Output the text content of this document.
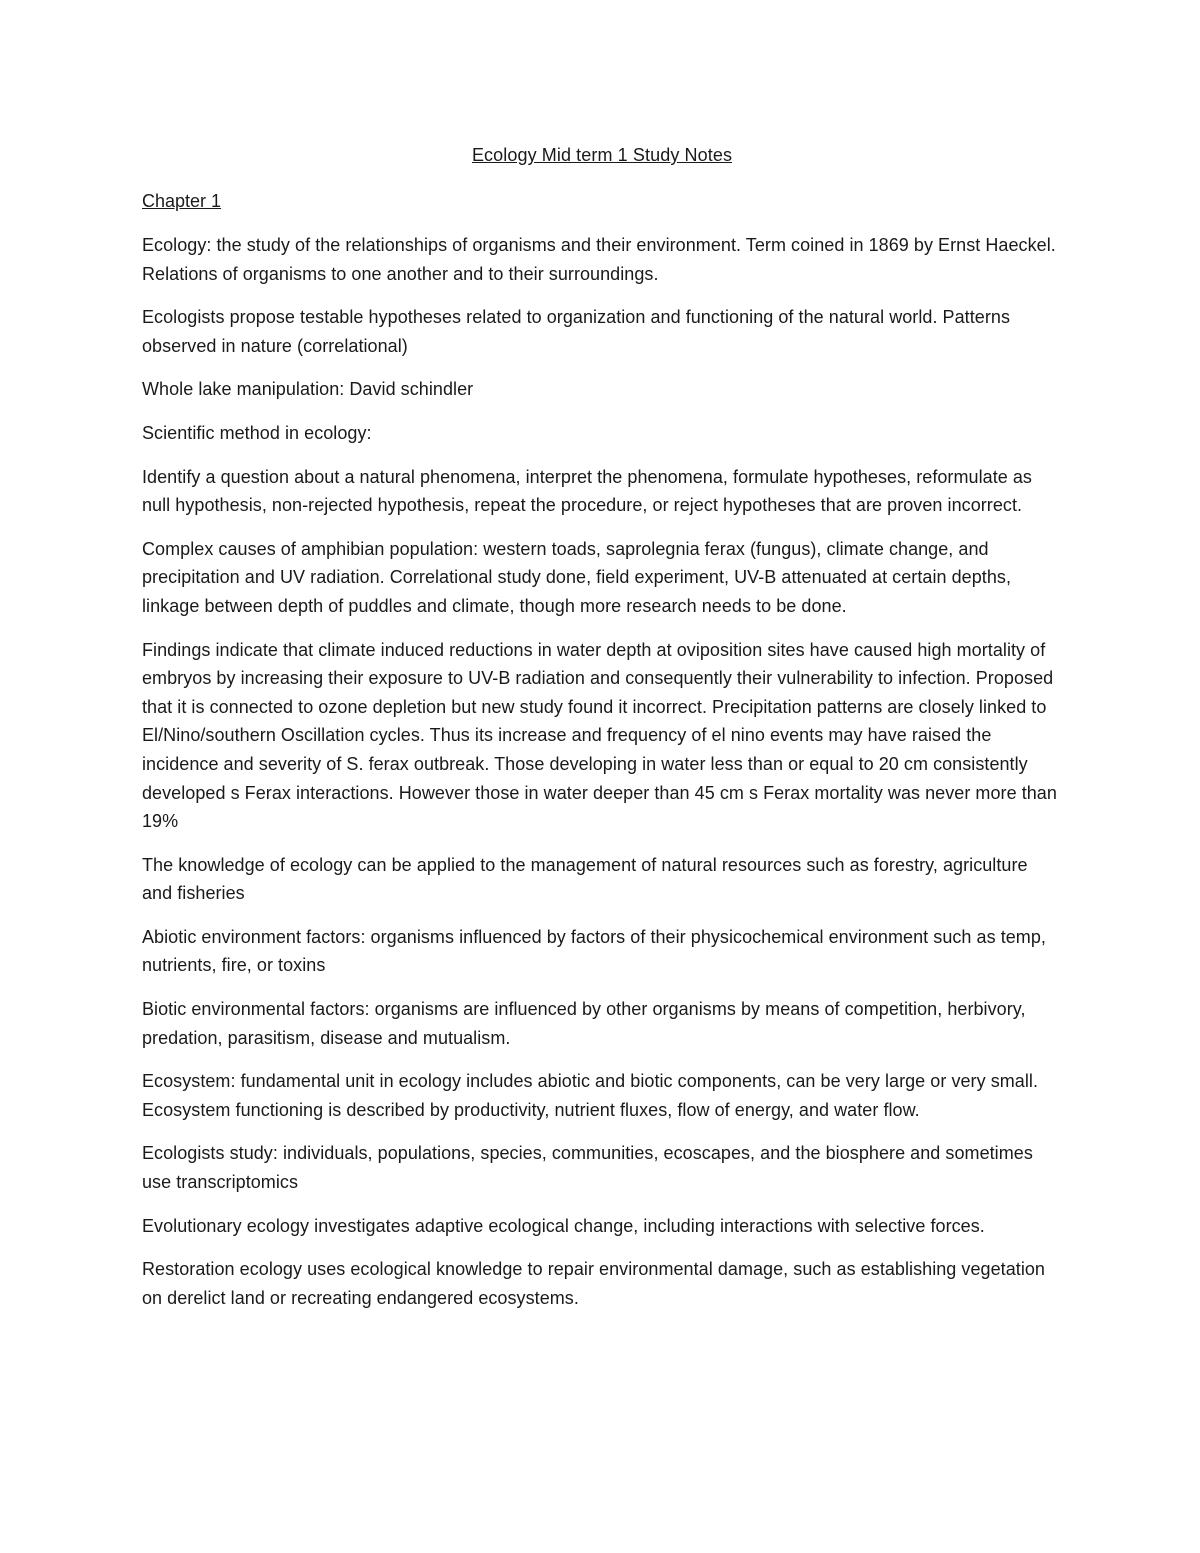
Ecology Mid term 1 Study Notes
Chapter 1

Ecology: the study of the relationships of organisms and their environment. Term coined in 1869 by Ernst Haeckel. Relations of organisms to one another and to their surroundings.

Ecologists propose testable hypotheses related to organization and functioning of the natural world. Patterns observed in nature (correlational)

Whole lake manipulation: David schindler

Scientific method in ecology:

Identify a question about a natural phenomena, interpret the phenomena, formulate hypotheses, reformulate as null hypothesis, non-rejected hypothesis, repeat the procedure, or reject hypotheses that are proven incorrect.

Complex causes of amphibian population: western toads, saprolegnia ferax (fungus), climate change, and precipitation and UV radiation. Correlational study done, field experiment, UV-B attenuated at certain depths, linkage between depth of puddles and climate, though more research needs to be done.

Findings indicate that climate induced reductions in water depth at oviposition sites have caused high mortality of embryos by increasing their exposure to UV-B radiation and consequently their vulnerability to infection. Proposed that it is connected to ozone depletion but new study found it incorrect. Precipitation patterns are closely linked to El/Nino/southern Oscillation cycles. Thus its increase and frequency of el nino events may have raised the incidence and severity of S. ferax outbreak. Those developing in water less than or equal to 20 cm consistently developed s Ferax interactions. However those in water deeper than 45 cm s Ferax mortality was never more than 19%

The knowledge of ecology can be applied to the management of natural resources such as forestry, agriculture and fisheries

Abiotic environment factors: organisms influenced by factors of their physicochemical environment such as temp, nutrients, fire, or toxins

Biotic environmental factors: organisms are influenced by other organisms by means of competition, herbivory, predation, parasitism, disease and mutualism.

Ecosystem: fundamental unit in ecology includes abiotic and biotic components, can be very large or very small. Ecosystem functioning is described by productivity, nutrient fluxes, flow of energy, and water flow.

Ecologists study: individuals, populations, species, communities, ecoscapes, and the biosphere and sometimes use transcriptomics

Evolutionary ecology investigates adaptive ecological change, including interactions with selective forces.

Restoration ecology uses ecological knowledge to repair environmental damage, such as establishing vegetation on derelict land or recreating endangered ecosystems.
